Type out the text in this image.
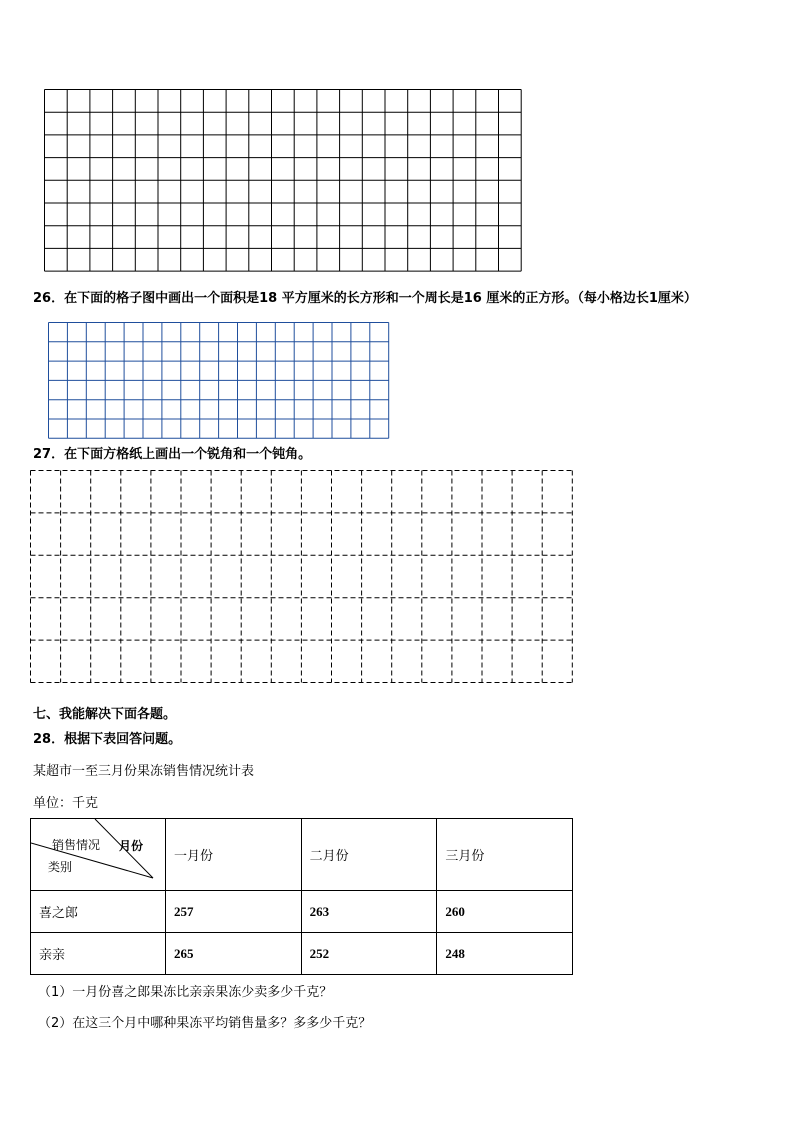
26．在下面的格子图中画出一个面积是18 平方厘米的长方形和一个周长是16 厘米的正方形。（每小格边长1厘米）
27．在下面方格纸上画出一个锐角和一个钝角。
七、我能解决下面各题。
28．根据下表回答问题。
某超市一至三月份果冻销售情况统计表
单位：千克
销售情况 月份
类别	一月份	二月份	三月份
喜之郎	257	263	260
亲亲	265	252	248
（1）一月份喜之郎果冻比亲亲果冻少卖多少千克？
（2）在这三个月中哪种果冻平均销售量多？多多少千克？
